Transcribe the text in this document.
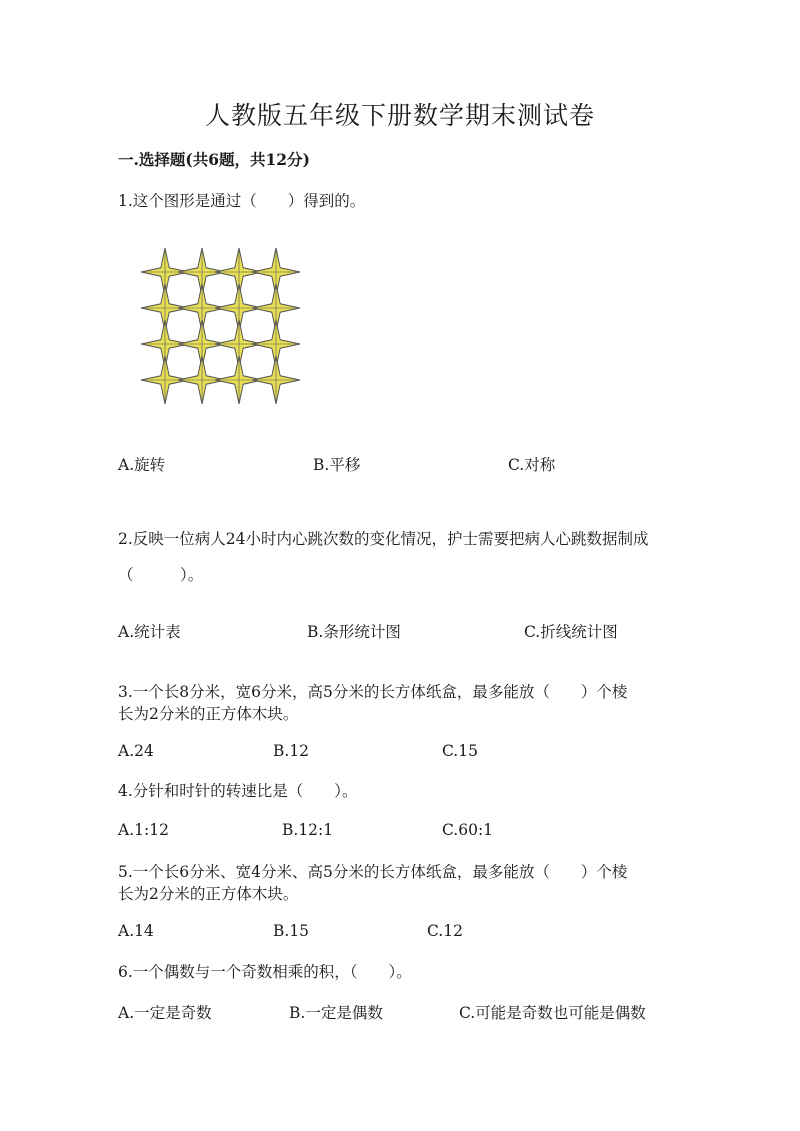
人教版五年级下册数学期末测试卷
一.选择题(共6题，共12分)
1.这个图形是通过（　　）得到的。
A.旋转	B.平移	C.对称
2.反映一位病人24小时内心跳次数的变化情况，护士需要把病人心跳数据制成
（　　　）。
A.统计表	B.条形统计图	C.折线统计图
3.一个长8分米，宽6分米，高5分米的长方体纸盒，最多能放（　　）个棱
长为2分米的正方体木块。
A.24	B.12	C.15
4.分针和时针的转速比是（　　）。
A.1:12	B.12:1	C.60:1
5.一个长6分米、宽4分米、高5分米的长方体纸盒，最多能放（　　）个棱
长为2分米的正方体木块。
A.14	B.15	C.12
6.一个偶数与一个奇数相乘的积，（　　）。
A.一定是奇数	B.一定是偶数	C.可能是奇数也可能是偶数
